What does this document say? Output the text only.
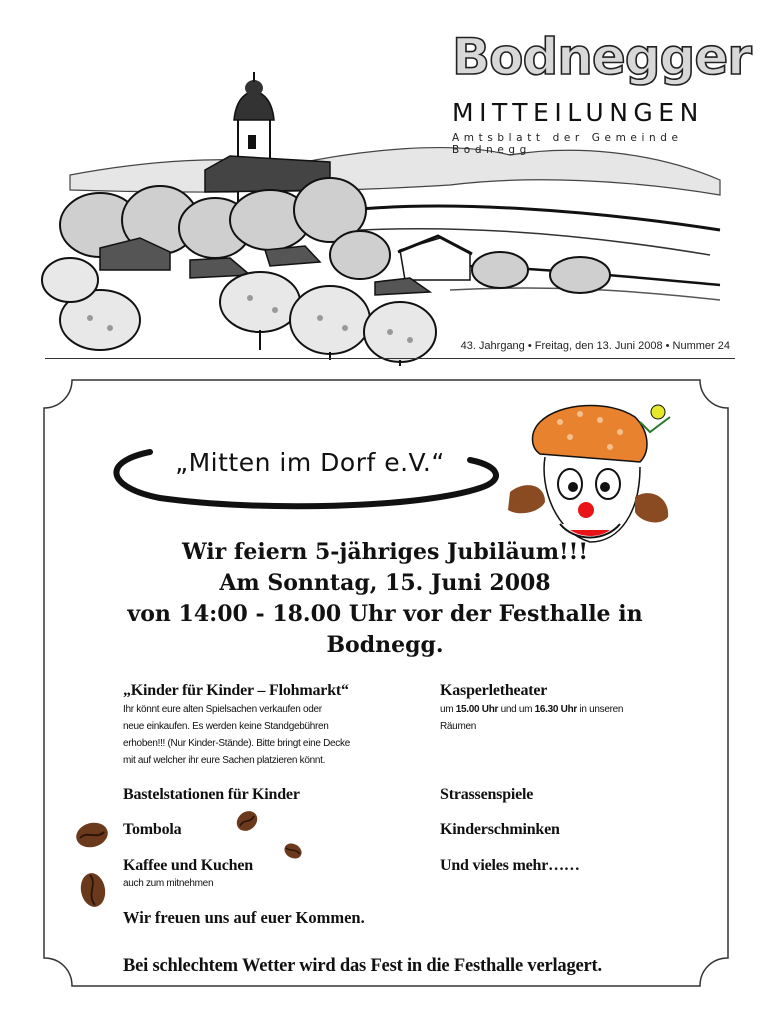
Bodnegger
MITTEILUNGEN
Amtsblatt der Gemeinde Bodnegg
43. Jahrgang • Freitag, den 13. Juni 2008 • Nummer 24
„Mitten im Dorf e.V.“
Wir feiern 5-jähriges Jubiläum!!!
Am Sonntag, 15. Juni 2008
von 14:00 - 18.00 Uhr vor der Festhalle in
Bodnegg.
„Kinder für Kinder – Flohmarkt“
Ihr könnt eure alten Spielsachen verkaufen oder
neue einkaufen. Es werden keine Standgebühren
erhoben!!! (Nur Kinder-Stände). Bitte bringt eine Decke
mit auf welcher ihr eure Sachen platzieren könnt.
Bastelstationen für Kinder
Tombola
Kaffee und Kuchen
auch zum mitnehmen
Kasperletheater
um 15.00 Uhr und um 16.30 Uhr in unseren
Räumen
Strassenspiele
Kinderschminken
Und vieles mehr……
Wir freuen uns auf euer Kommen.
Bei schlechtem Wetter wird das Fest in die Festhalle verlagert.
